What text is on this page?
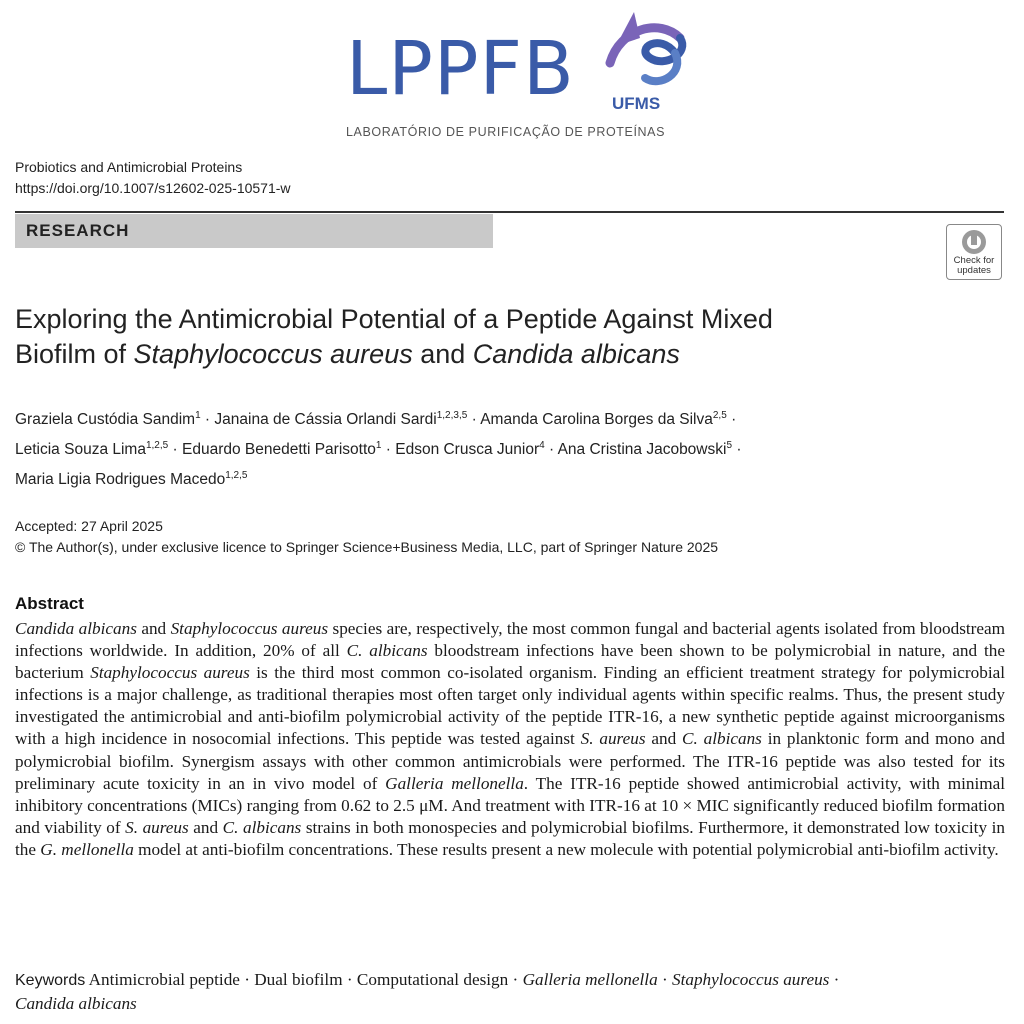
LPPFB UFMS
LABORATÓRIO DE PURIFICAÇÃO DE PROTEÍNAS
Probiotics and Antimicrobial Proteins
https://doi.org/10.1007/s12602-025-10571-w
RESEARCH
Check for
updates
Exploring the Antimicrobial Potential of a Peptide Against Mixed
Biofilm of Staphylococcus aureus and Candida albicans
Graziela Custódia Sandim$^1$ · Janaina de Cássia Orlandi Sardi$^{1,2,3,5}$ · Amanda Carolina Borges da Silva$^{2,5}$ ·
Leticia Souza Lima$^{1,2,5}$ · Eduardo Benedetti Parisotto$^1$ · Edson Crusca Junior$^4$ · Ana Cristina Jacobowski$^5$ ·
Maria Ligia Rodrigues Macedo$^{1,2,5}$
Accepted: 27 April 2025
© The Author(s), under exclusive licence to Springer Science+Business Media, LLC, part of Springer Nature 2025
Abstract
Candida albicans and Staphylococcus aureus species are, respectively, the most common fungal and bacterial agents isolated from bloodstream infections worldwide. In addition, 20% of all C. albicans bloodstream infections have been shown to be polymicrobial in nature, and the bacterium Staphylococcus aureus is the third most common co-isolated organism. Finding an efficient treatment strategy for polymicrobial infections is a major challenge, as traditional therapies most often target only individual agents within specific realms. Thus, the present study investigated the antimicrobial and anti-biofilm polymicrobial activity of the peptide ITR-16, a new synthetic peptide against microorganisms with a high incidence in nosocomial infections. This peptide was tested against S. aureus and C. albicans in planktonic form and mono and polymicrobial biofilm. Synergism assays with other common antimicrobials were performed. The ITR-16 peptide was also tested for its preliminary acute toxicity in an in vivo model of Galleria mellonella. The ITR-16 peptide showed antimicrobial activity, with minimal inhibitory concentrations (MICs) ranging from 0.62 to 2.5 μM. And treatment with ITR-16 at 10 × MIC significantly reduced biofilm formation and viability of S. aureus and C. albicans strains in both monospecies and polymicrobial biofilms. Furthermore, it demonstrated low toxicity in the G. mellonella model at anti-biofilm concentrations. These results present a new molecule with potential polymicrobial anti-biofilm activity.
Keywords Antimicrobial peptide · Dual biofilm · Computational design · Galleria mellonella · Staphylococcus aureus ·
Candida albicans
